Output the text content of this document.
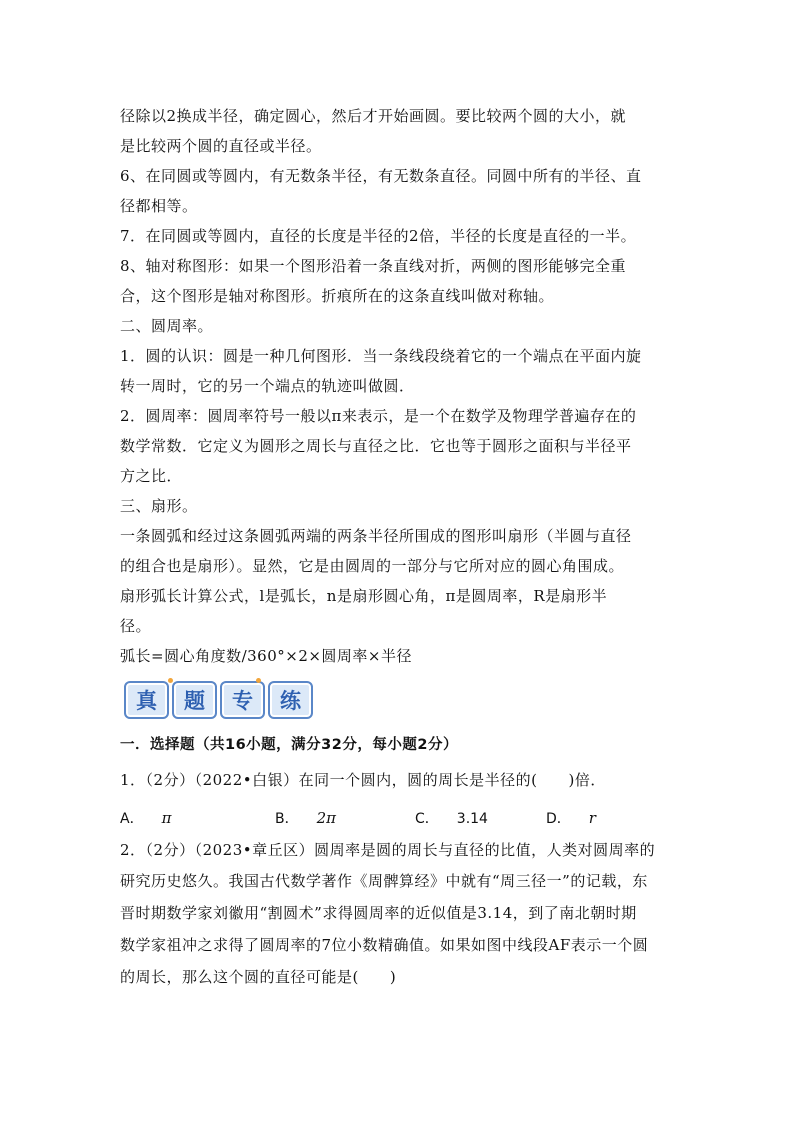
径除以2换成半径，确定圆心，然后才开始画圆。要比较两个圆的大小，就
是比较两个圆的直径或半径。
6、在同圆或等圆内，有无数条半径，有无数条直径。同圆中所有的半径、直
径都相等。
7．在同圆或等圆内，直径的长度是半径的2倍，半径的长度是直径的一半。
8、轴对称图形：如果一个图形沿着一条直线对折，两侧的图形能够完全重
合，这个图形是轴对称图形。折痕所在的这条直线叫做对称轴。
二、圆周率。
1．圆的认识：圆是一种几何图形．当一条线段绕着它的一个端点在平面内旋
转一周时，它的另一个端点的轨迹叫做圆．
2．圆周率：圆周率符号一般以π来表示，是一个在数学及物理学普遍存在的
数学常数．它定义为圆形之周长与直径之比．它也等于圆形之面积与半径平
方之比．
三、扇形。
一条圆弧和经过这条圆弧两端的两条半径所围成的图形叫扇形（半圆与直径
的组合也是扇形）。显然，它是由圆周的一部分与它所对应的圆心角围成。
扇形弧长计算公式，l是弧长，n是扇形圆心角，π是圆周率，R是扇形半
径。
弧长=圆心角度数/360°×2×圆周率×半径
真	题	专	练
一．选择题（共16小题，满分32分，每小题2分）
1．（2分）（2022•白银）在同一个圆内，圆的周长是半径的(　　)倍．
A． π	B． 2π	C． 3.14	D． r
2．（2分）（2023•章丘区）圆周率是圆的周长与直径的比值，人类对圆周率的
研究历史悠久。我国古代数学著作《周髀算经》中就有“周三径一”的记载，东
晋时期数学家刘徽用“割圆术”求得圆周率的近似值是3.14，到了南北朝时期
数学家祖冲之求得了圆周率的7位小数精确值。如果如图中线段AF表示一个圆
的周长，那么这个圆的直径可能是(　　)
